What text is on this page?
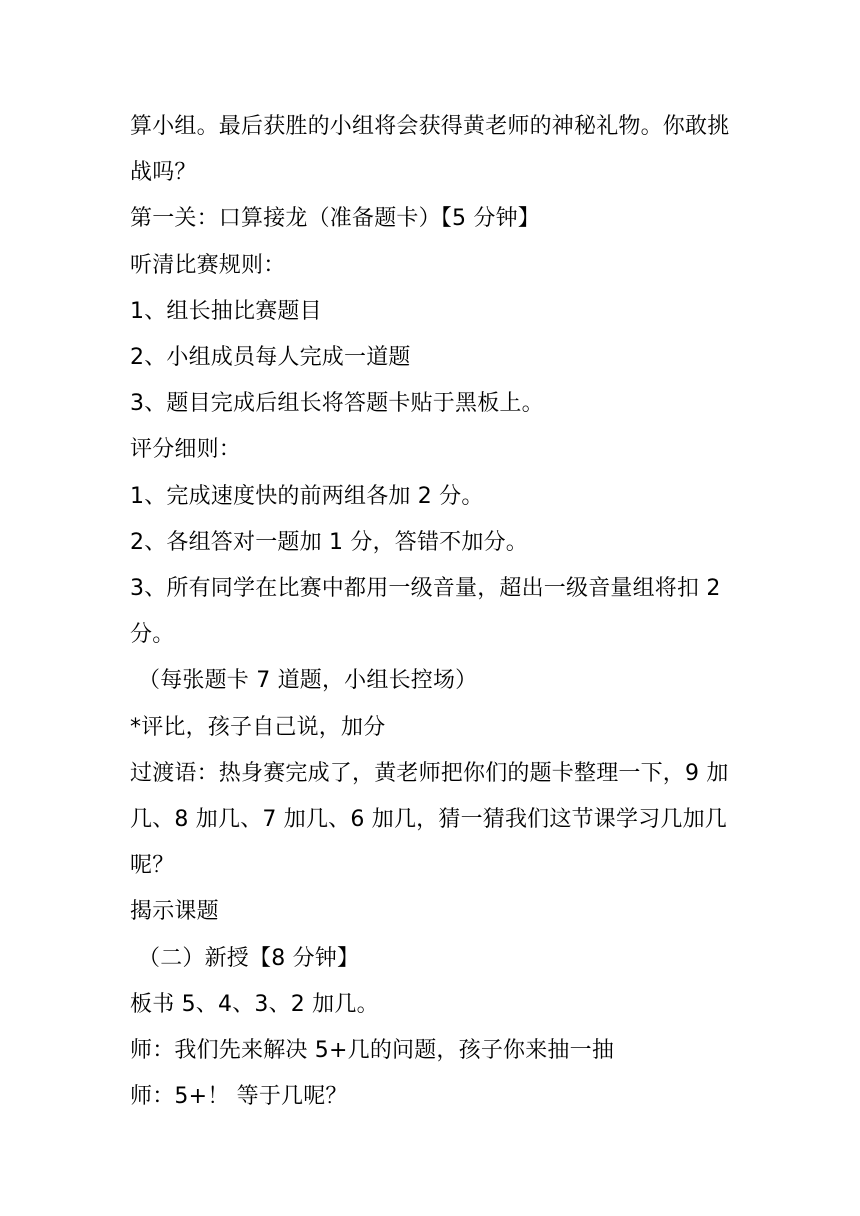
算小组。最后获胜的小组将会获得黄老师的神秘礼物。你敢挑战吗？

第一关：口算接龙（准备题卡）【5 分钟】

听清比赛规则：

1、组长抽比赛题目

2、小组成员每人完成一道题

3、题目完成后组长将答题卡贴于黑板上。

评分细则：

1、完成速度快的前两组各加 2 分。

2、各组答对一题加 1 分，答错不加分。

3、所有同学在比赛中都用一级音量，超出一级音量组将扣 2 分。

（每张题卡 7 道题，小组长控场）

*评比，孩子自己说，加分

过渡语：热身赛完成了，黄老师把你们的题卡整理一下，9 加几、8 加几、7 加几、6 加几，猜一猜我们这节课学习几加几呢？

揭示课题

（二）新授【8 分钟】

板书 5、4、3、2 加几。

师：我们先来解决 5+几的问题，孩子你来抽一抽

师：5+！ 等于几呢？
